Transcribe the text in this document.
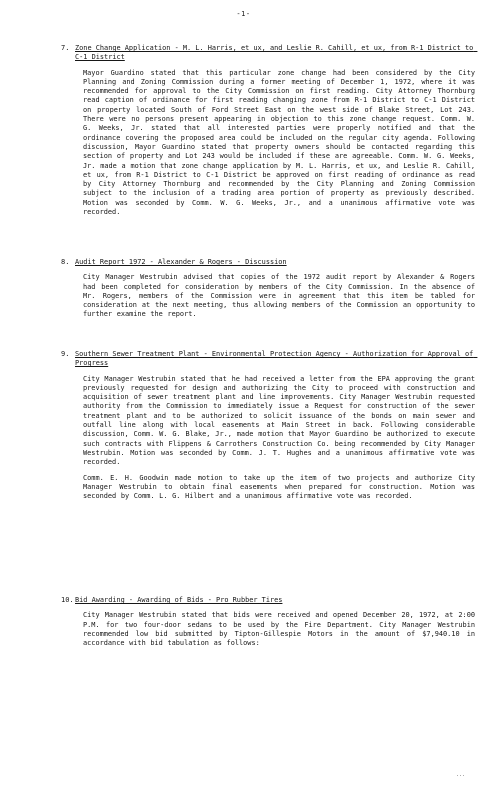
-1-
7. Zone Change Application - M. L. Harris, et ux, and Leslie R. Cahill, et ux, from R-1 District to C-1 District

Mayor Guardino stated that this particular zone change had been considered by the City Planning and Zoning Commission during a former meeting of December 1, 1972, where it was recommended for approval to the City Commission on first reading. City Attorney Thornburg read caption of ordinance for first reading changing zone from R-1 District to C-1 District on property located South of Ford Street East on the west side of Blake Street, Lot 243. There were no persons present appearing in objection to this zone change request. Comm. W. G. Weeks, Jr. stated that all interested parties were properly notified and that the ordinance covering the proposed area could be included on the regular city agenda. Following discussion, Mayor Guardino stated that property owners should be contacted regarding this section of property and Lot 243 would be included if these are agreeable. Comm. W. G. Weeks, Jr. made a motion that zone change application by M. L. Harris, et ux, and Leslie R. Cahill, et ux, from R-1 District to C-1 District be approved on first reading of ordinance as read by City Attorney Thornburg and recommended by the City Planning and Zoning Commission subject to the inclusion of a trading area portion of property as previously described. Motion was seconded by Comm. W. G. Weeks, Jr., and a unanimous affirmative vote was recorded.

8. Audit Report 1972 - Alexander & Rogers - Discussion

City Manager Westrubin advised that copies of the 1972 audit report by Alexander & Rogers had been completed for consideration by members of the City Commission. In the absence of Mr. Rogers, members of the Commission were in agreement that this item be tabled for consideration at the next meeting, thus allowing members of the Commission an opportunity to further examine the report.

9. Southern Sewer Treatment Plant - Environmental Protection Agency - Authorization for Approval of Progress

City Manager Westrubin stated that he had received a letter from the EPA approving the grant previously requested for design and authorizing the City to proceed with construction and acquisition of sewer treatment plant and line improvements. City Manager Westrubin requested authority from the Commission to immediately issue a Request for construction of the sewer treatment plant and to be authorized to solicit issuance of the bonds on main sewer and outfall line along with local easements at Main Street in back. Following considerable discussion, Comm. W. G. Blake, Jr., made motion that Mayor Guardino be authorized to execute such contracts with Flippens & Carrothers Construction Co. being recommended by City Manager Westrubin. Motion was seconded by Comm. J. T. Hughes and a unanimous affirmative vote was recorded.

Comm. E. H. Goodwin made motion to take up the item of two projects and authorize City Manager Westrubin to obtain final easements when prepared for construction. Motion was seconded by Comm. L. G. Hilbert and a unanimous affirmative vote was recorded.

10. Bid Awarding - Awarding of Bids - Pro Rubber Tires

City Manager Westrubin stated that bids were received and opened December 20, 1972, at 2:00 P.M. for two four-door sedans to be used by the Fire Department. City Manager Westrubin recommended low bid submitted by Tipton-Gillespie Motors in the amount of $7,940.10 in accordance with bid tabulation as follows:

...
